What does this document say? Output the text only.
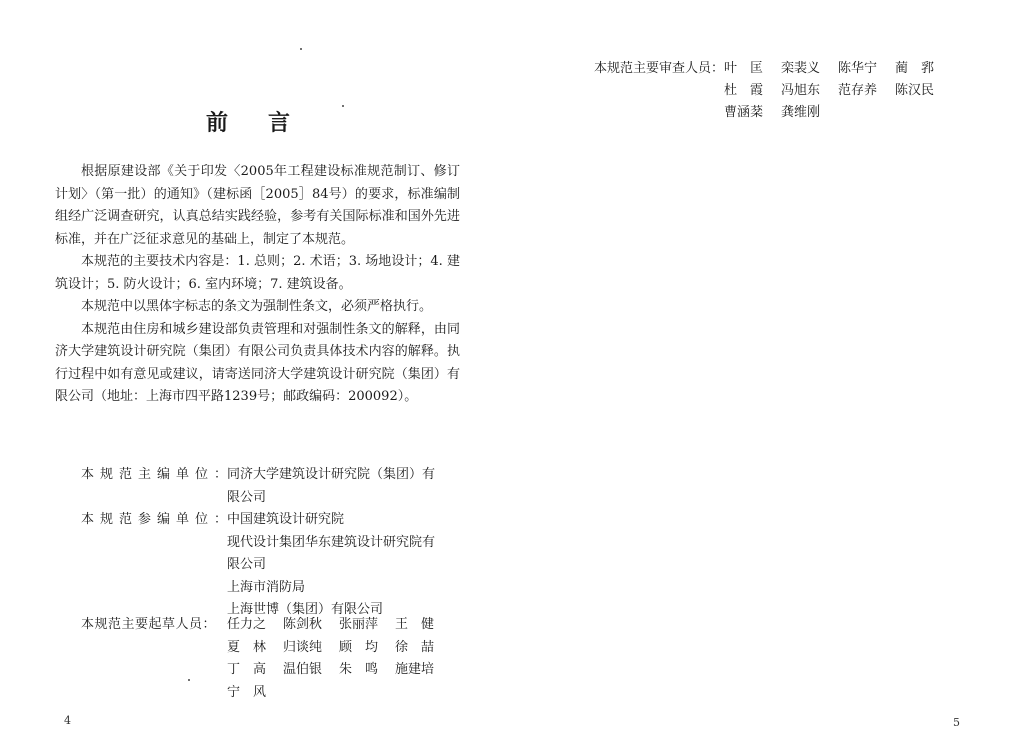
前言

根据原建设部《关于印发〈2005年工程建设标准规范制订、修订计划〉（第一批）的通知》（建标函［2005］84号）的要求，标准编制组经广泛调查研究，认真总结实践经验，参考有关国际标准和国外先进标准，并在广泛征求意见的基础上，制定了本规范。

本规范的主要技术内容是：1. 总则；2. 术语；3. 场地设计；4. 建筑设计；5. 防火设计；6. 室内环境；7. 建筑设备。

本规范中以黑体字标志的条文为强制性条文，必须严格执行。

本规范由住房和城乡建设部负责管理和对强制性条文的解释，由同济大学建筑设计研究院（集团）有限公司负责具体技术内容的解释。执行过程中如有意见或建议，请寄送同济大学建筑设计研究院（集团）有限公司（地址：上海市四平路1239号；邮政编码：200092）。

本规范主编单位： 同济大学建筑设计研究院（集团）有
限公司
本规范参编单位： 中国建筑设计研究院
现代设计集团华东建筑设计研究院有
限公司
上海市消防局
上海世博（集团）有限公司
本规范主要起草人员： 任力之	陈剑秋	张丽萍	王　健
夏　林	归谈纯	顾　均	徐　喆
丁　高	温伯银	朱　鸣	施建培
宁　风
4	5
本规范主要审查人员： 叶　匡	栾裴义	陈华宁	蔺　郛
杜　霞	冯旭东	范存养	陈汉民
曹涵棻	龚维刚
